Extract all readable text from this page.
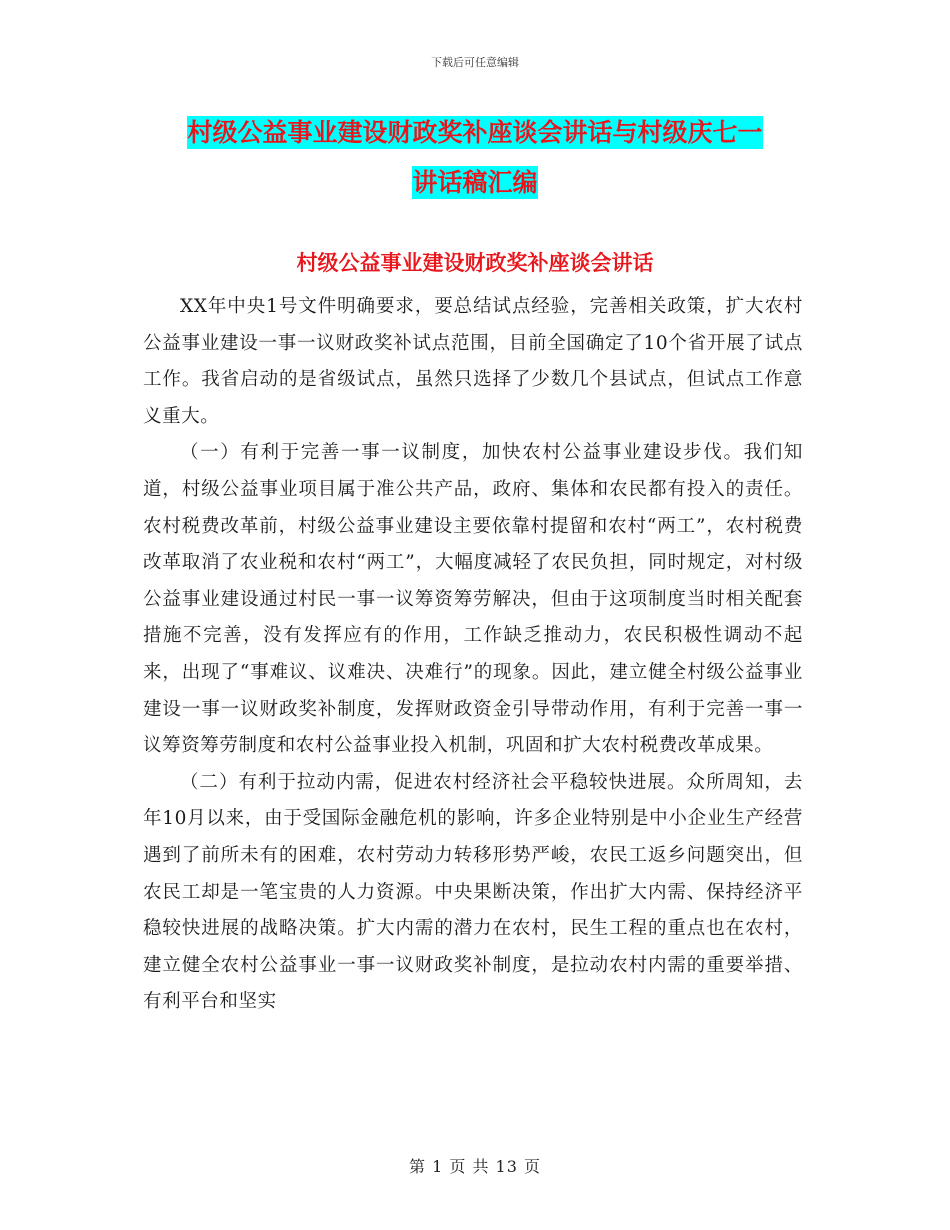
下载后可任意编辑
村级公益事业建设财政奖补座谈会讲话与村级庆七一
讲话稿汇编
村级公益事业建设财政奖补座谈会讲话

XX年中央1号文件明确要求，要总结试点经验，完善相关政策，扩大农村公益事业建设一事一议财政奖补试点范围，目前全国确定了10个省开展了试点工作。我省启动的是省级试点，虽然只选择了少数几个县试点，但试点工作意义重大。

（一）有利于完善一事一议制度，加快农村公益事业建设步伐。我们知道，村级公益事业项目属于准公共产品，政府、集体和农民都有投入的责任。农村税费改革前，村级公益事业建设主要依靠村提留和农村“两工”，农村税费改革取消了农业税和农村“两工”，大幅度减轻了农民负担，同时规定，对村级公益事业建设通过村民一事一议筹资筹劳解决，但由于这项制度当时相关配套措施不完善，没有发挥应有的作用，工作缺乏推动力，农民积极性调动不起来，出现了“事难议、议难决、决难行”的现象。因此，建立健全村级公益事业建设一事一议财政奖补制度，发挥财政资金引导带动作用，有利于完善一事一议筹资筹劳制度和农村公益事业投入机制，巩固和扩大农村税费改革成果。

（二）有利于拉动内需，促进农村经济社会平稳较快进展。众所周知，去年10月以来，由于受国际金融危机的影响，许多企业特别是中小企业生产经营遇到了前所未有的困难，农村劳动力转移形势严峻，农民工返乡问题突出，但农民工却是一笔宝贵的人力资源。中央果断决策，作出扩大内需、保持经济平稳较快进展的战略决策。扩大内需的潜力在农村，民生工程的重点也在农村，建立健全农村公益事业一事一议财政奖补制度，是拉动农村内需的重要举措、有利平台和坚实

第 1 页 共 13 页
